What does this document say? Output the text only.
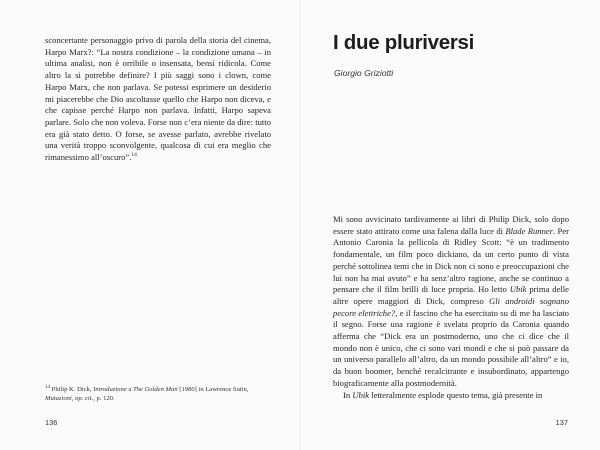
sconcertante personaggio privo di parola della storia del cinema, Harpo Marx?: “La nostra condizione – la condizione umana – in ultima analisi, non è orribile o insensata, bensì ridicola. Come altro la si potrebbe definire? I più saggi sono i clown, come Harpo Marx, che non parlava. Se potessi esprimere un desiderio mi piacerebbe che Dio ascoltasse quello che Harpo non diceva, e che capisse perché Harpo non parlava. Infatti, Harpo sapeva parlare. Solo che non voleva. Forse non c’era niente da dire: tutto era già stato detto. O forse, se avesse parlato, avrebbe rivelato una verità troppo sconvolgente, qualcosa di cui era meglio che rimanessimo all’oscuro”.$^{14}$

$^{14}$ Philip K. Dick, Introduzione a The Golden Man [1980] in Lawrence Sutin, Mutazioni, op. cit., p. 120.

136
I due pluriversi

Giorgio Griziotti

Mi sono avvicinato tardivamente ai libri di Philip Dick, solo dopo essere stato attirato come una falena dalla luce di Blade Runner. Per Antonio Caronia la pellicola di Ridley Scott: “è un tradimento fondamentale, un film poco dickiano, da un certo punto di vista perché sottolinea temi che in Dick non ci sono e preoccupazioni che lui non ha mai avuto” e ha senz’altro ragione, anche se continuo a pensare che il film brilli di luce propria. Ho letto Ubik prima delle altre opere maggiori di Dick, compreso Gli androidi sognano pecore elettriche?, e il fascino che ha esercitato su di me ha lasciato il segno. Forse una ragione è svelata proprio da Caronia quando afferma che “Dick era un postmoderno, uno che ci dice che il mondo non è unico, che ci sono vari mondi e che si può passare da un universo parallelo all’altro, da un mondo possibile all’altro” e io, da buon boomer, benché recalcitrante e insubordinato, appartengo biograficamente alla postmodernità.

In Ubik letteralmente esplode questo tema, già presente in

137
